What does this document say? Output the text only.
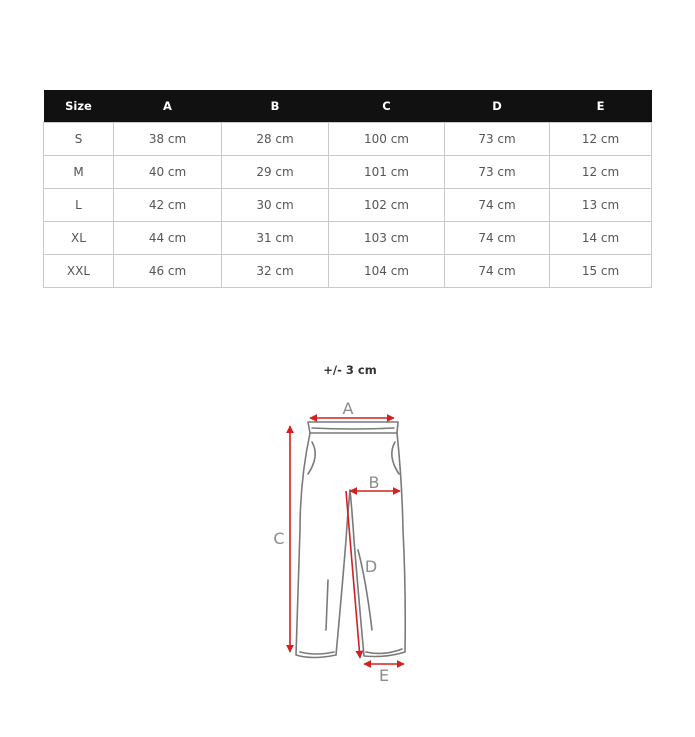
Size	A	B	C	D	E
S	38 cm	28 cm	100 cm	73 cm	12 cm
M	40 cm	29 cm	101 cm	73 cm	12 cm
L	42 cm	30 cm	102 cm	74 cm	13 cm
XL	44 cm	31 cm	103 cm	74 cm	14 cm
XXL	46 cm	32 cm	104 cm	74 cm	15 cm
+/- 3 cm
A
B
C
D
E
